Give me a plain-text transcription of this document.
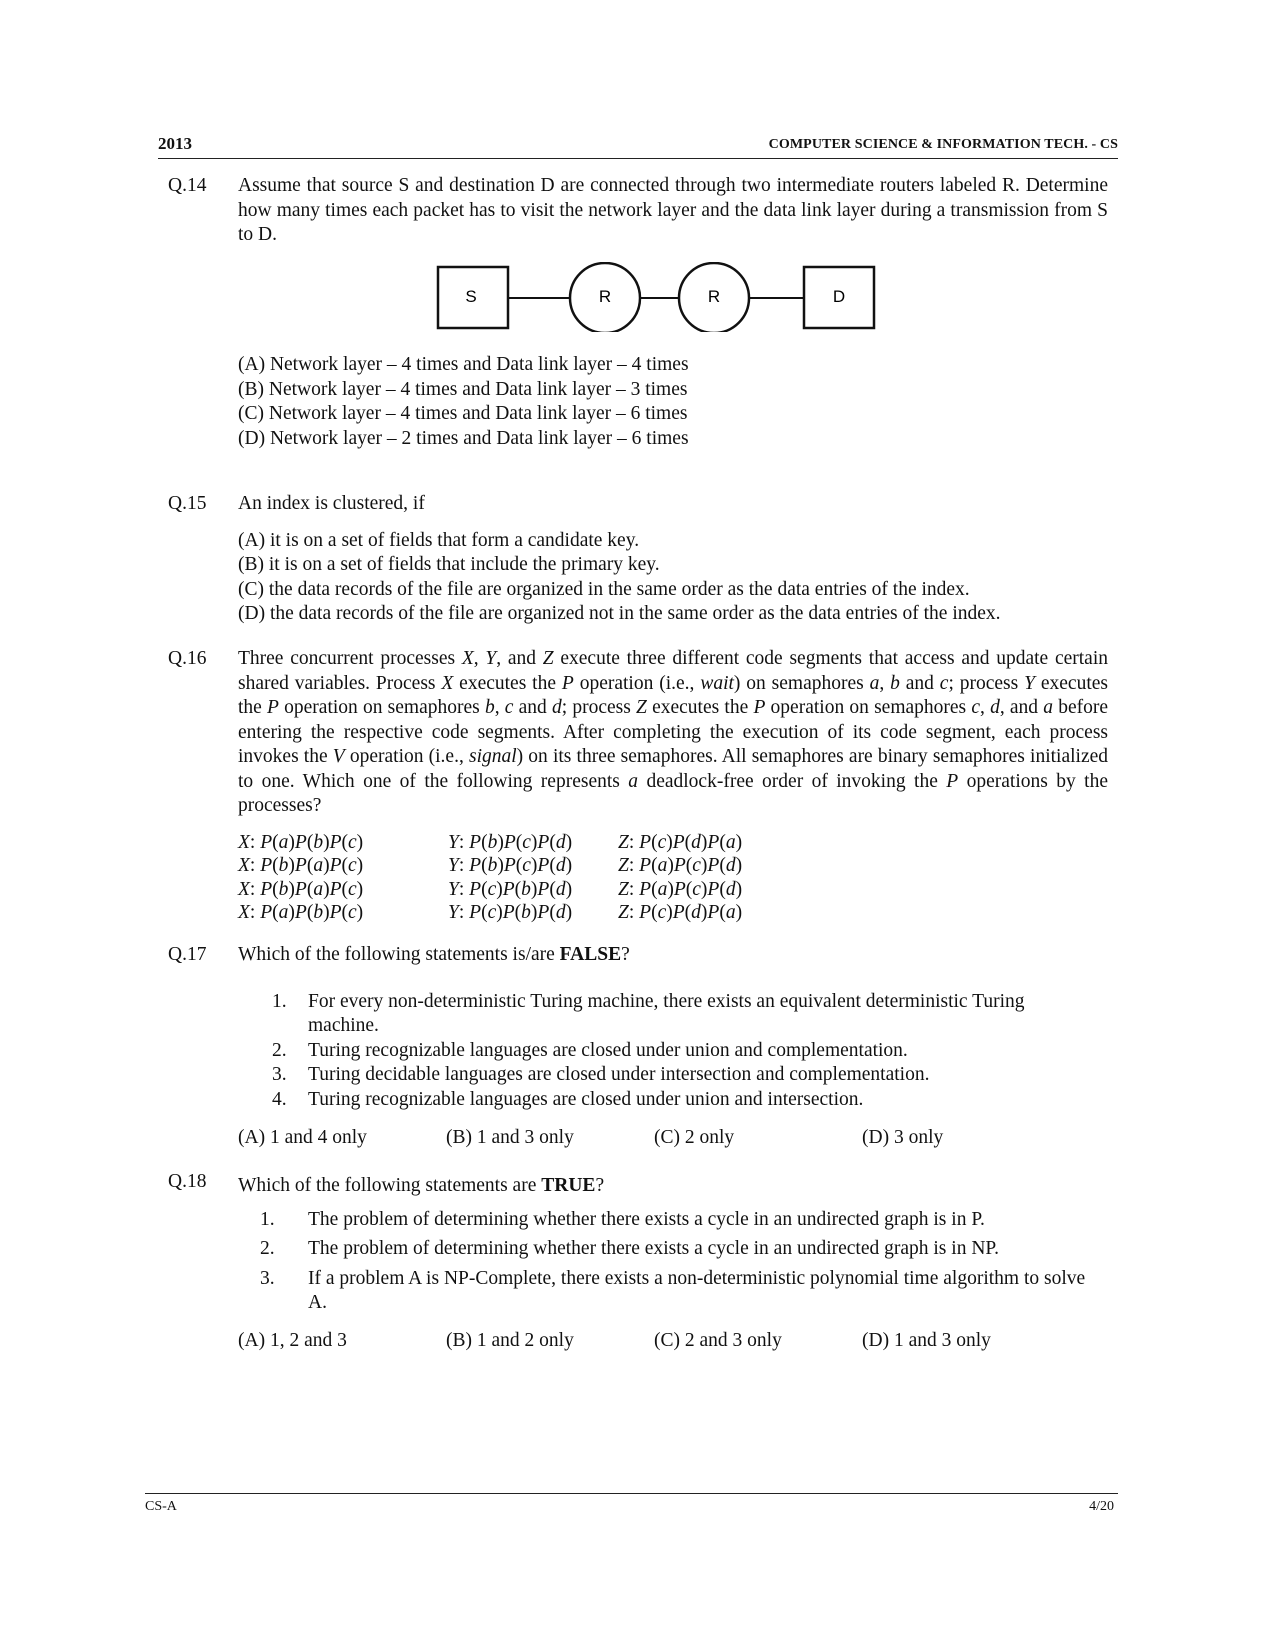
2013	COMPUTER SCIENCE & INFORMATION TECH. - CS
Q.14 Assume that source S and destination D are connected through two intermediate routers labeled R. Determine how many times each packet has to visit the network layer and the data link layer during a transmission from S to D.
S	R	R	D
(A) Network layer – 4 times and Data link layer – 4 times
(B) Network layer – 4 times and Data link layer – 3 times
(C) Network layer – 4 times and Data link layer – 6 times
(D) Network layer – 2 times and Data link layer – 6 times
Q.15 An index is clustered, if
(A) it is on a set of fields that form a candidate key.
(B) it is on a set of fields that include the primary key.
(C) the data records of the file are organized in the same order as the data entries of the index.
(D) the data records of the file are organized not in the same order as the data entries of the index.
Q.16 Three concurrent processes X, Y, and Z execute three different code segments that access and update certain shared variables. Process X executes the P operation (i.e., wait) on semaphores a, b and c; process Y executes the P operation on semaphores b, c and d; process Z executes the P operation on semaphores c, d, and a before entering the respective code segments. After completing the execution of its code segment, each process invokes the V operation (i.e., signal) on its three semaphores. All semaphores are binary semaphores initialized to one. Which one of the following represents a deadlock-free order of invoking the P operations by the processes?
X: P(a)P(b)P(c)	Y: P(b)P(c)P(d)	Z: P(c)P(d)P(a)
X: P(b)P(a)P(c)	Y: P(b)P(c)P(d)	Z: P(a)P(c)P(d)
X: P(b)P(a)P(c)	Y: P(c)P(b)P(d)	Z: P(a)P(c)P(d)
X: P(a)P(b)P(c)	Y: P(c)P(b)P(d)	Z: P(c)P(d)P(a)
Q.17 Which of the following statements is/are FALSE?
1. For every non-deterministic Turing machine, there exists an equivalent deterministic Turing machine.
2. Turing recognizable languages are closed under union and complementation.
3. Turing decidable languages are closed under intersection and complementation.
4. Turing recognizable languages are closed under union and intersection.
(A) 1 and 4 only	(B) 1 and 3 only	(C) 2 only	(D) 3 only
Q.18 Which of the following statements are TRUE?
1. The problem of determining whether there exists a cycle in an undirected graph is in P.
2. The problem of determining whether there exists a cycle in an undirected graph is in NP.
3. If a problem A is NP-Complete, there exists a non-deterministic polynomial time algorithm to solve A.
(A) 1, 2 and 3	(B) 1 and 2 only	(C) 2 and 3 only	(D) 1 and 3 only
CS-A	4/20
